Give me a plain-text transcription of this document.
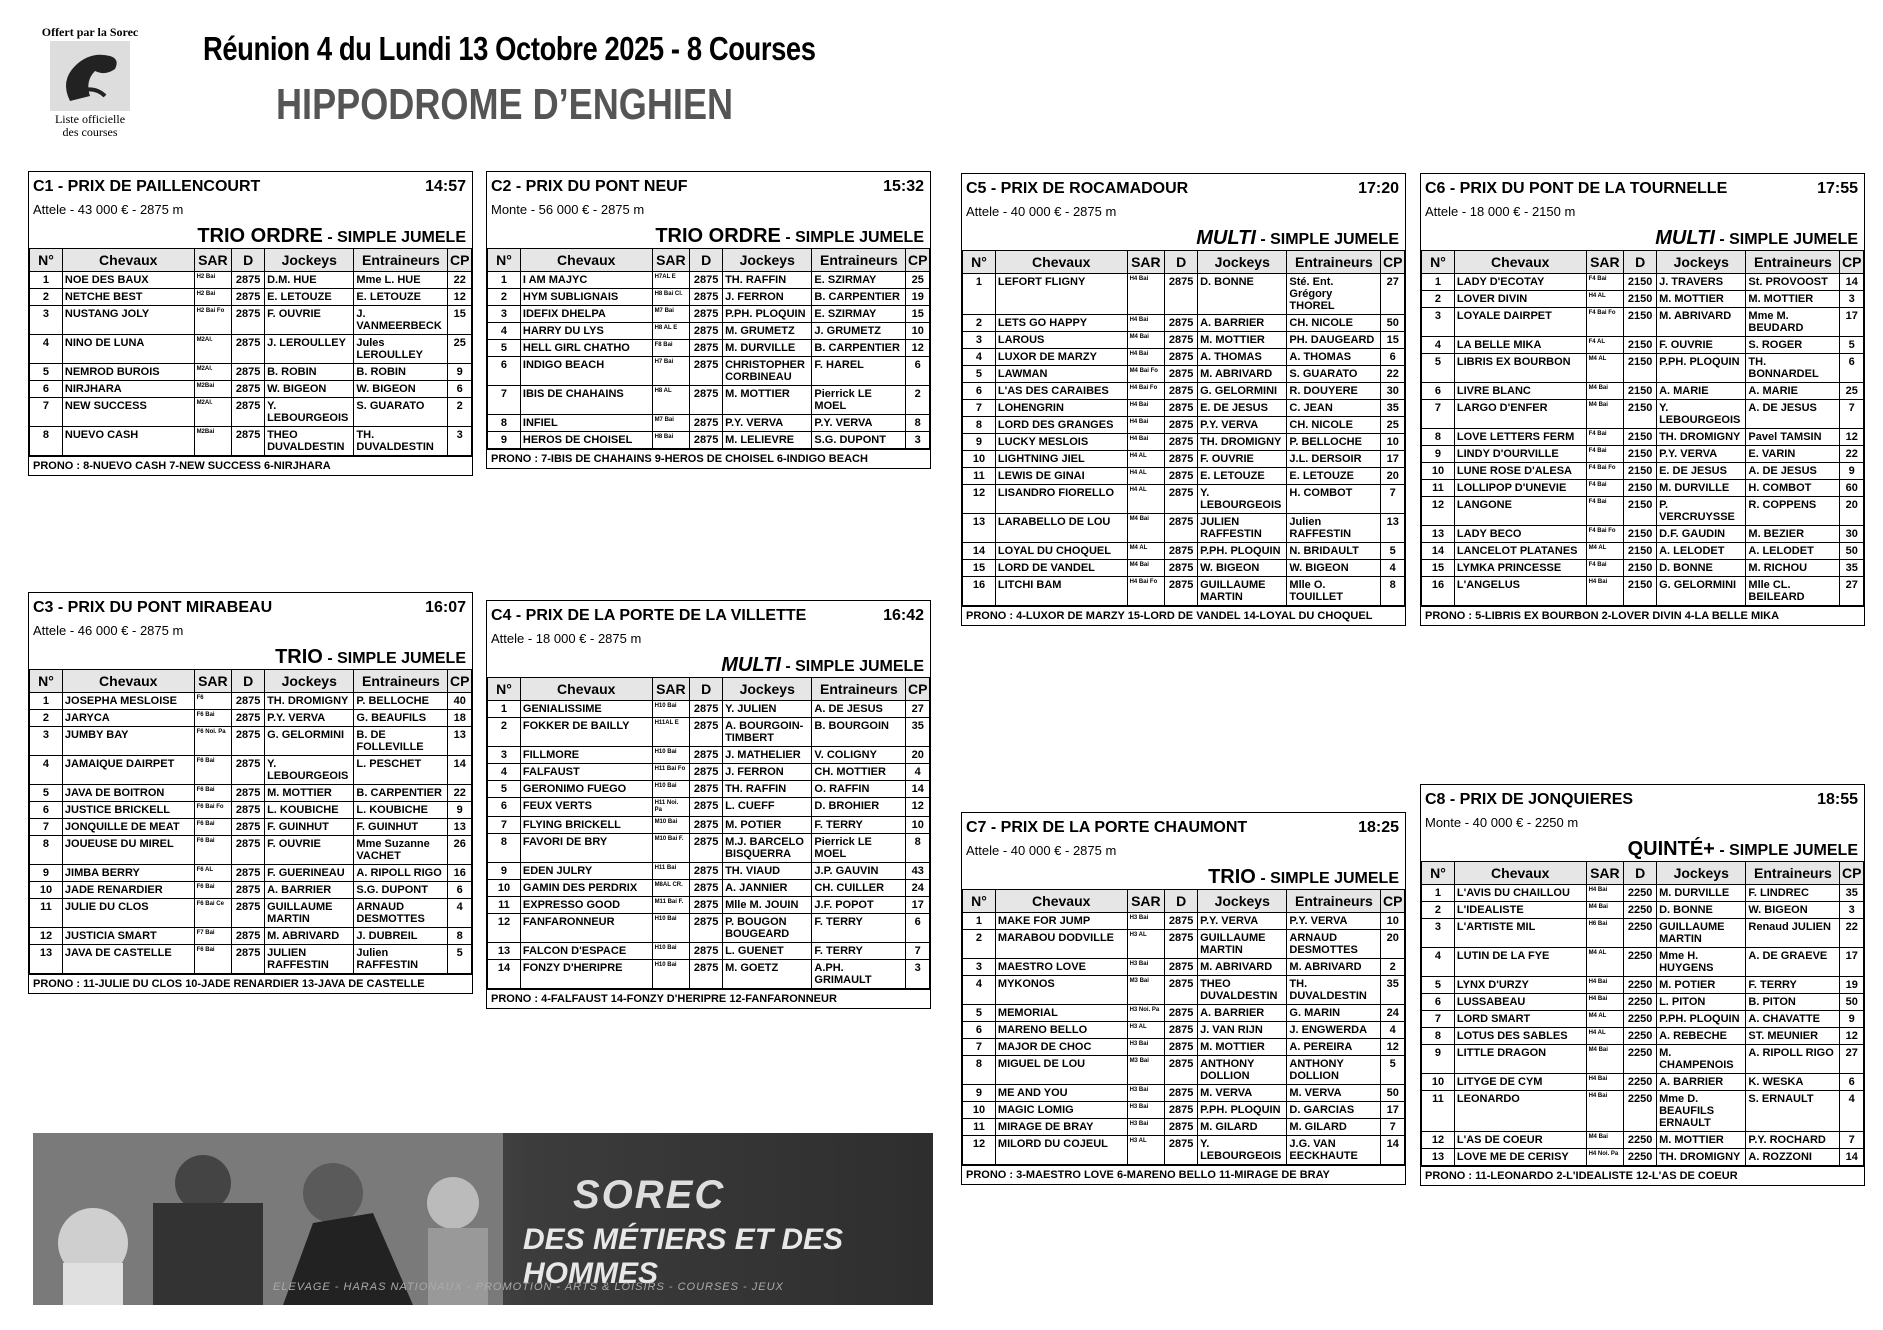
Offert par la Sorec
Liste officielle
des courses
Réunion 4 du Lundi 13 Octobre 2025 - 8 Courses
HIPPODROME D’ENGHIEN
C1 - PRIX DE PAILLENCOURT	14:57
Attele - 43 000 € - 2875 m
TRIO ORDRE - SIMPLE JUMELE
N°	Chevaux	SAR	D	Jockeys	Entraineurs	CP
1	NOE DES BAUX	H2 Bai	2875	D.M. HUE	Mme L. HUE	22
2	NETCHE BEST	H2 Bai	2875	E. LETOUZE	E. LETOUZE	12
3	NUSTANG JOLY	H2 Bai Fo	2875	F. OUVRIE	J. VANMEERBECK	15
4	NINO DE LUNA	M2Al.	2875	J. LEROULLEY	Jules LEROULLEY	25
5	NEMROD BUROIS	M2Al.	2875	B. ROBIN	B. ROBIN	9
6	NIRJHARA	M2Bai	2875	W. BIGEON	W. BIGEON	6
7	NEW SUCCESS	M2Al.	2875	Y. LEBOURGEOIS	S. GUARATO	2
8	NUEVO CASH	M2Bai	2875	THEO DUVALDESTIN	TH. DUVALDESTIN	3
PRONO : 8-NUEVO CASH 7-NEW SUCCESS 6-NIRJHARA
C2 - PRIX DU PONT NEUF	15:32
Monte - 56 000 € - 2875 m
TRIO ORDRE - SIMPLE JUMELE
N°	Chevaux	SAR	D	Jockeys	Entraineurs	CP
1	I AM MAJYC	H7AL E	2875	TH. RAFFIN	E. SZIRMAY	25
2	HYM SUBLIGNAIS	H8 Bai Cl.	2875	J. FERRON	B. CARPENTIER	19
3	IDEFIX DHELPA	M7 Bai	2875	P.PH. PLOQUIN	E. SZIRMAY	15
4	HARRY DU LYS	H8 AL E	2875	M. GRUMETZ	J. GRUMETZ	10
5	HELL GIRL CHATHO	F8 Bai	2875	M. DURVILLE	B. CARPENTIER	12
6	INDIGO BEACH	H7 Bai	2875	CHRISTOPHER CORBINEAU	F. HAREL	6
7	IBIS DE CHAHAINS	H8 AL	2875	M. MOTTIER	Pierrick LE MOEL	2
8	INFIEL	M7 Bai	2875	P.Y. VERVA	P.Y. VERVA	8
9	HEROS DE CHOISEL	H8 Bai	2875	M. LELIEVRE	S.G. DUPONT	3
PRONO : 7-IBIS DE CHAHAINS 9-HEROS DE CHOISEL 6-INDIGO BEACH
C3 - PRIX DU PONT MIRABEAU	16:07
Attele - 46 000 € - 2875 m
TRIO - SIMPLE JUMELE
N°	Chevaux	SAR	D	Jockeys	Entraineurs	CP
1	JOSEPHA MESLOISE	F6	2875	TH. DROMIGNY	P. BELLOCHE	40
2	JARYCA	F6 Bai	2875	P.Y. VERVA	G. BEAUFILS	18
3	JUMBY BAY	F6 Noi. Pa	2875	G. GELORMINI	B. DE FOLLEVILLE	13
4	JAMAIQUE DAIRPET	F6 Bai	2875	Y. LEBOURGEOIS	L. PESCHET	14
5	JAVA DE BOITRON	F6 Bai	2875	M. MOTTIER	B. CARPENTIER	22
6	JUSTICE BRICKELL	F6 Bai Fo	2875	L. KOUBICHE	L. KOUBICHE	9
7	JONQUILLE DE MEAT	F6 Bai	2875	F. GUINHUT	F. GUINHUT	13
8	JOUEUSE DU MIREL	F6 Bai	2875	F. OUVRIE	Mme Suzanne VACHET	26
9	JIMBA BERRY	F6 AL	2875	F. GUERINEAU	A. RIPOLL RIGO	16
10	JADE RENARDIER	F6 Bai	2875	A. BARRIER	S.G. DUPONT	6
11	JULIE DU CLOS	F6 Bai Ce	2875	GUILLAUME MARTIN	ARNAUD DESMOTTES	4
12	JUSTICIA SMART	F7 Bai	2875	M. ABRIVARD	J. DUBREIL	8
13	JAVA DE CASTELLE	F6 Bai	2875	JULIEN RAFFESTIN	Julien RAFFESTIN	5
PRONO : 11-JULIE DU CLOS 10-JADE RENARDIER 13-JAVA DE CASTELLE
C4 - PRIX DE LA PORTE DE LA VILLETTE	16:42
Attele - 18 000 € - 2875 m
MULTI - SIMPLE JUMELE
N°	Chevaux	SAR	D	Jockeys	Entraineurs	CP
1	GENIALISSIME	H10 Bai	2875	Y. JULIEN	A. DE JESUS	27
2	FOKKER DE BAILLY	H11AL E	2875	A. BOURGOIN-TIMBERT	B. BOURGOIN	35
3	FILLMORE	H10 Bai	2875	J. MATHELIER	V. COLIGNY	20
4	FALFAUST	H11 Bai Fo	2875	J. FERRON	CH. MOTTIER	4
5	GERONIMO FUEGO	H10 Bai	2875	TH. RAFFIN	O. RAFFIN	14
6	FEUX VERTS	H11 Noi. Pa	2875	L. CUEFF	D. BROHIER	12
7	FLYING BRICKELL	M10 Bai	2875	M. POTIER	F. TERRY	10
8	FAVORI DE BRY	M10 Bai F.	2875	M.J. BARCELO BISQUERRA	Pierrick LE MOEL	8
9	EDEN JULRY	H11 Bai	2875	TH. VIAUD	J.P. GAUVIN	43
10	GAMIN DES PERDRIX	M8AL CR.	2875	A. JANNIER	CH. CUILLER	24
11	EXPRESSO GOOD	M11 Bai F.	2875	Mlle M. JOUIN	J.F. POPOT	17
12	FANFARONNEUR	H10 Bai	2875	P. BOUGON BOUGEARD	F. TERRY	6
13	FALCON D'ESPACE	H10 Bai	2875	L. GUENET	F. TERRY	7
14	FONZY D'HERIPRE	H10 Bai	2875	M. GOETZ	A.PH. GRIMAULT	3
PRONO : 4-FALFAUST 14-FONZY D'HERIPRE 12-FANFARONNEUR
C5 - PRIX DE ROCAMADOUR	17:20
Attele - 40 000 € - 2875 m
MULTI - SIMPLE JUMELE
N°	Chevaux	SAR	D	Jockeys	Entraineurs	CP
1	LEFORT FLIGNY	H4 Bai	2875	D. BONNE	Sté. Ent. Grégory THOREL	27
2	LETS GO HAPPY	H4 Bai	2875	A. BARRIER	CH. NICOLE	50
3	LAROUS	M4 Bai	2875	M. MOTTIER	PH. DAUGEARD	15
4	LUXOR DE MARZY	H4 Bai	2875	A. THOMAS	A. THOMAS	6
5	LAWMAN	M4 Bai Fo	2875	M. ABRIVARD	S. GUARATO	22
6	L'AS DES CARAIBES	H4 Bai Fo	2875	G. GELORMINI	R. DOUYERE	30
7	LOHENGRIN	H4 Bai	2875	E. DE JESUS	C. JEAN	35
8	LORD DES GRANGES	H4 Bai	2875	P.Y. VERVA	CH. NICOLE	25
9	LUCKY MESLOIS	H4 Bai	2875	TH. DROMIGNY	P. BELLOCHE	10
10	LIGHTNING JIEL	H4 AL	2875	F. OUVRIE	J.L. DERSOIR	17
11	LEWIS DE GINAI	H4 AL	2875	E. LETOUZE	E. LETOUZE	20
12	LISANDRO FIORELLO	H4 AL	2875	Y. LEBOURGEOIS	H. COMBOT	7
13	LARABELLO DE LOU	M4 Bai	2875	JULIEN RAFFESTIN	Julien RAFFESTIN	13
14	LOYAL DU CHOQUEL	M4 AL	2875	P.PH. PLOQUIN	N. BRIDAULT	5
15	LORD DE VANDEL	M4 Bai	2875	W. BIGEON	W. BIGEON	4
16	LITCHI BAM	H4 Bai Fo	2875	GUILLAUME MARTIN	Mlle O. TOUILLET	8
PRONO : 4-LUXOR DE MARZY 15-LORD DE VANDEL 14-LOYAL DU CHOQUEL
C6 - PRIX DU PONT DE LA TOURNELLE	17:55
Attele - 18 000 € - 2150 m
MULTI - SIMPLE JUMELE
N°	Chevaux	SAR	D	Jockeys	Entraineurs	CP
1	LADY D'ECOTAY	F4 Bai	2150	J. TRAVERS	St. PROVOOST	14
2	LOVER DIVIN	H4 AL	2150	M. MOTTIER	M. MOTTIER	3
3	LOYALE DAIRPET	F4 Bai Fo	2150	M. ABRIVARD	Mme M. BEUDARD	17
4	LA BELLE MIKA	F4 AL	2150	F. OUVRIE	S. ROGER	5
5	LIBRIS EX BOURBON	M4 AL	2150	P.PH. PLOQUIN	TH. BONNARDEL	6
6	LIVRE BLANC	M4 Bai	2150	A. MARIE	A. MARIE	25
7	LARGO D'ENFER	M4 Bai	2150	Y. LEBOURGEOIS	A. DE JESUS	7
8	LOVE LETTERS FERM	F4 Bai	2150	TH. DROMIGNY	Pavel TAMSIN	12
9	LINDY D'OURVILLE	F4 Bai	2150	P.Y. VERVA	E. VARIN	22
10	LUNE ROSE D'ALESA	F4 Bai Fo	2150	E. DE JESUS	A. DE JESUS	9
11	LOLLIPOP D'UNEVIE	F4 Bai	2150	M. DURVILLE	H. COMBOT	60
12	LANGONE	F4 Bai	2150	P. VERCRUYSSE	R. COPPENS	20
13	LADY BECO	F4 Bai Fo	2150	D.F. GAUDIN	M. BEZIER	30
14	LANCELOT PLATANES	M4 AL	2150	A. LELODET	A. LELODET	50
15	LYMKA PRINCESSE	F4 Bai	2150	D. BONNE	M. RICHOU	35
16	L'ANGELUS	H4 Bai	2150	G. GELORMINI	Mlle CL. BEILEARD	27
PRONO : 5-LIBRIS EX BOURBON 2-LOVER DIVIN 4-LA BELLE MIKA
C7 - PRIX DE LA PORTE CHAUMONT	18:25
Attele - 40 000 € - 2875 m
TRIO - SIMPLE JUMELE
N°	Chevaux	SAR	D	Jockeys	Entraineurs	CP
1	MAKE FOR JUMP	H3 Bai	2875	P.Y. VERVA	P.Y. VERVA	10
2	MARABOU DODVILLE	H3 AL	2875	GUILLAUME MARTIN	ARNAUD DESMOTTES	20
3	MAESTRO LOVE	H3 Bai	2875	M. ABRIVARD	M. ABRIVARD	2
4	MYKONOS	M3 Bai	2875	THEO DUVALDESTIN	TH. DUVALDESTIN	35
5	MEMORIAL	H3 Noi. Pa	2875	A. BARRIER	G. MARIN	24
6	MARENO BELLO	H3 AL	2875	J. VAN RIJN	J. ENGWERDA	4
7	MAJOR DE CHOC	H3 Bai	2875	M. MOTTIER	A. PEREIRA	12
8	MIGUEL DE LOU	M3 Bai	2875	ANTHONY DOLLION	ANTHONY DOLLION	5
9	ME AND YOU	H3 Bai	2875	M. VERVA	M. VERVA	50
10	MAGIC LOMIG	H3 Bai	2875	P.PH. PLOQUIN	D. GARCIAS	17
11	MIRAGE DE BRAY	H3 Bai	2875	M. GILARD	M. GILARD	7
12	MILORD DU COJEUL	H3 AL	2875	Y. LEBOURGEOIS	J.G. VAN EECKHAUTE	14
PRONO : 3-MAESTRO LOVE 6-MARENO BELLO 11-MIRAGE DE BRAY
C8 - PRIX DE JONQUIERES	18:55
Monte - 40 000 € - 2250 m
QUINTÉ+ - SIMPLE JUMELE
N°	Chevaux	SAR	D	Jockeys	Entraineurs	CP
1	L'AVIS DU CHAILLOU	H4 Bai	2250	M. DURVILLE	F. LINDREC	35
2	L'IDEALISTE	M4 Bai	2250	D. BONNE	W. BIGEON	3
3	L'ARTISTE MIL	H6 Bai	2250	GUILLAUME MARTIN	Renaud JULIEN	22
4	LUTIN DE LA FYE	M4 AL	2250	Mme H. HUYGENS	A. DE GRAEVE	17
5	LYNX D'URZY	H4 Bai	2250	M. POTIER	F. TERRY	19
6	LUSSABEAU	H4 Bai	2250	L. PITON	B. PITON	50
7	LORD SMART	M4 AL	2250	P.PH. PLOQUIN	A. CHAVATTE	9
8	LOTUS DES SABLES	H4 AL	2250	A. REBECHE	ST. MEUNIER	12
9	LITTLE DRAGON	M4 Bai	2250	M. CHAMPENOIS	A. RIPOLL RIGO	27
10	LITYGE DE CYM	H4 Bai	2250	A. BARRIER	K. WESKA	6
11	LEONARDO	H4 Bai	2250	Mme D. BEAUFILS ERNAULT	S. ERNAULT	4
12	L'AS DE COEUR	M4 Bai	2250	M. MOTTIER	P.Y. ROCHARD	7
13	LOVE ME DE CERISY	H4 Noi. Pa	2250	TH. DROMIGNY	A. ROZZONI	14
PRONO : 11-LEONARDO 2-L'IDEALISTE 12-L'AS DE COEUR
SOREC
DES MÉTIERS ET DES HOMMES
ELEVAGE - HARAS NATIONAUX - PROMOTION - ARTS & LOISIRS - COURSES - JEUX
